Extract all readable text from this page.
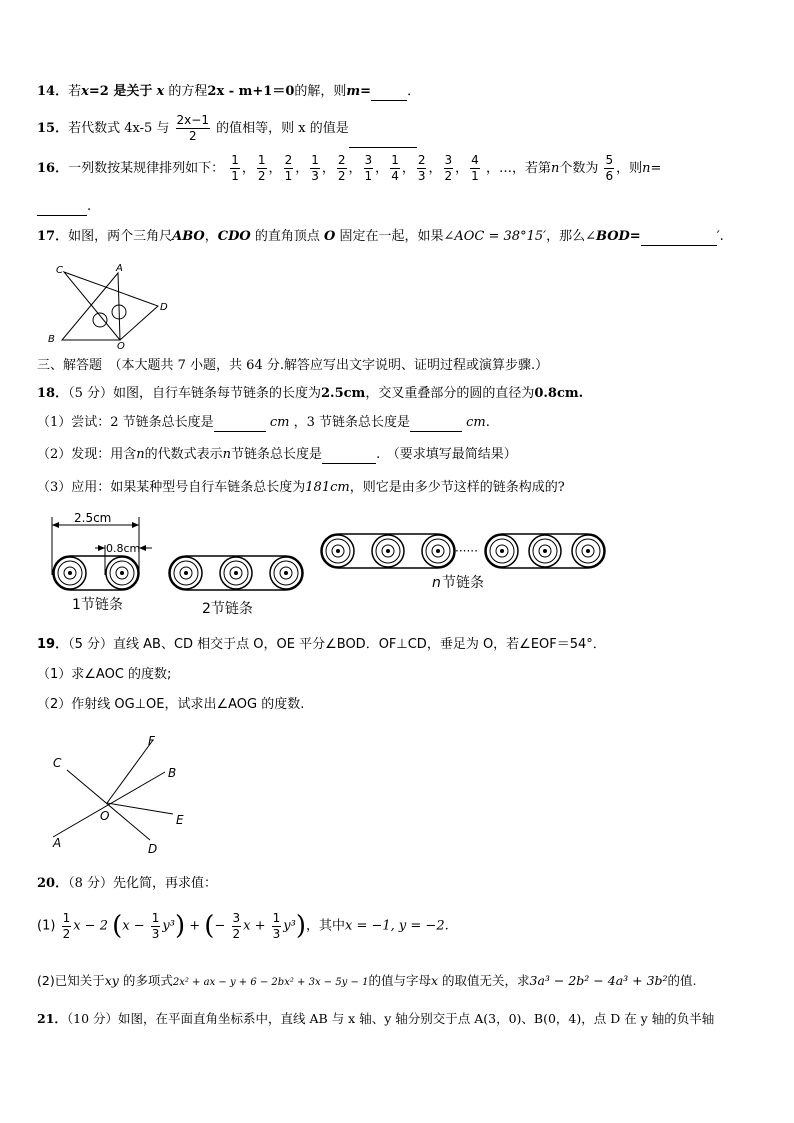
14．若x=2 是关于 x 的方程2x - m+1＝0的解，则m=	．
15．若代数式 4x-5 与 $\frac{2x-1}{2}$ 的值相等，则 x 的值是
16．一列数按某规律排列如下： $\frac{1}{1}$ ， $\frac{1}{2}$ ， $\frac{2}{1}$ ， $\frac{1}{3}$ ， $\frac{2}{2}$ ， $\frac{3}{1}$ ， $\frac{1}{4}$ ， $\frac{2}{3}$ ， $\frac{3}{2}$ ， $\frac{4}{1}$ ，…，若第n个数为 $\frac{5}{6}$ ，则n=
.
17．如图，两个三角尺ABO，CDO 的直角顶点 O 固定在一起，如果∠AOC = 38°15′，那么∠BOD=	′.
C	A
D
B
O
三、解答题　（本大题共 7 小题，共 64 分.解答应写出文字说明、证明过程或演算步骤.）
18．（5 分）如图，自行车链条每节链条的长度为2.5cm，交叉重叠部分的圆的直径为0.8cm.
（1）尝试：2 节链条总长度是	cm ，3 节链条总长度是	cm.
（2）发现：用含n的代数式表示n节链条总长度是	.　（要求填写最简结果）
（3）应用：如果某种型号自行车链条总长度为181cm，则它是由多少节这样的链条构成的?
2.5cm
0.8cm
1节链条	2节链条
······
n 节链条
19．（5 分）直线 AB、CD 相交于点 O，OE 平分∠BOD．OF⊥CD，垂足为 O，若∠EOF＝54°．
（1）求∠AOC 的度数;
（2）作射线 OG⊥OE，试求出∠AOG 的度数.
F
C
B
O	E
A	D
20．（8 分）先化简，再求值：
$(1) \frac{1}{2}$ x − 2 $(x - \frac{1}{3} y^3)$ + (− $\frac{3}{2}$ $x + \frac{1}{3} y^3$)，其中x = −1, y = −2.
(2)已知关于xy 的多项式2x² + ax − y + 6 − 2bx² + 3x − 5y − 1的值与字母x 的取值无关，求3a³ − 2b² − 4a³ + 3b²的值.
21．（10 分）如图，在平面直角坐标系中，直线 AB 与 x 轴、y 轴分别交于点 A(3，0)、B(0，4)，点 D 在 y 轴的负半轴
